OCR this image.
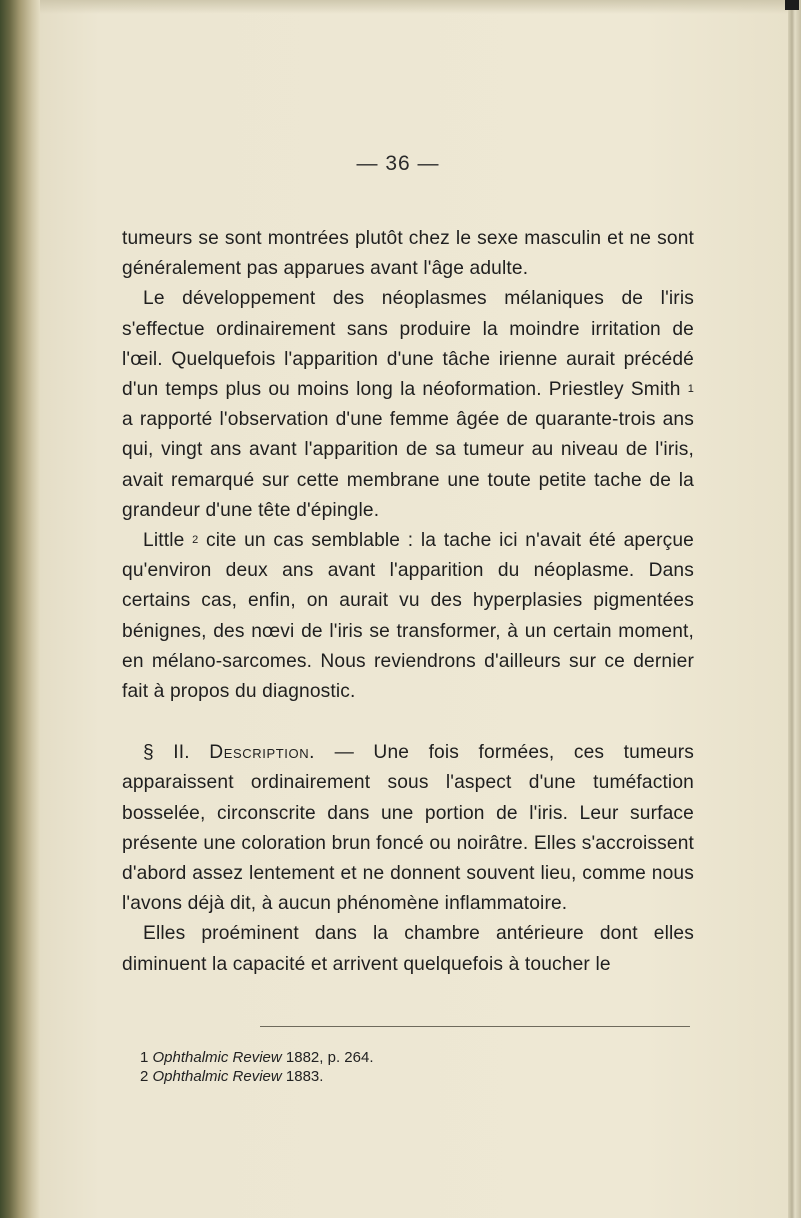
— 36 —

tumeurs se sont montrées plutôt chez le sexe masculin et ne sont généralement pas apparues avant l'âge adulte.

Le développement des néoplasmes mélaniques de l'iris s'effectue ordinairement sans produire la moindre irritation de l'œil. Quelquefois l'apparition d'une tâche irienne aurait précédé d'un temps plus ou moins long la néoformation. Priestley Smith $^1$ a rapporté l'observation d'une femme âgée de quarante-trois ans qui, vingt ans avant l'apparition de sa tumeur au niveau de l'iris, avait remarqué sur cette membrane une toute petite tache de la grandeur d'une tête d'épingle.

Little $^2$ cite un cas semblable : la tache ici n'avait été aperçue qu'environ deux ans avant l'apparition du néoplasme. Dans certains cas, enfin, on aurait vu des hyperplasies pigmentées bénignes, des nœvi de l'iris se transformer, à un certain moment, en mélano-sarcomes. Nous reviendrons d'ailleurs sur ce dernier fait à propos du diagnostic.

§ II. Description. — Une fois formées, ces tumeurs apparaissent ordinairement sous l'aspect d'une tuméfaction bosselée, circonscrite dans une portion de l'iris. Leur surface présente une coloration brun foncé ou noirâtre. Elles s'accroissent d'abord assez lentement et ne donnent souvent lieu, comme nous l'avons déjà dit, à aucun phénomène inflammatoire.

Elles proéminent dans la chambre antérieure dont elles diminuent la capacité et arrivent quelquefois à toucher le

1 Ophthalmic Review 1882, p. 264.
2 Ophthalmic Review 1883.
